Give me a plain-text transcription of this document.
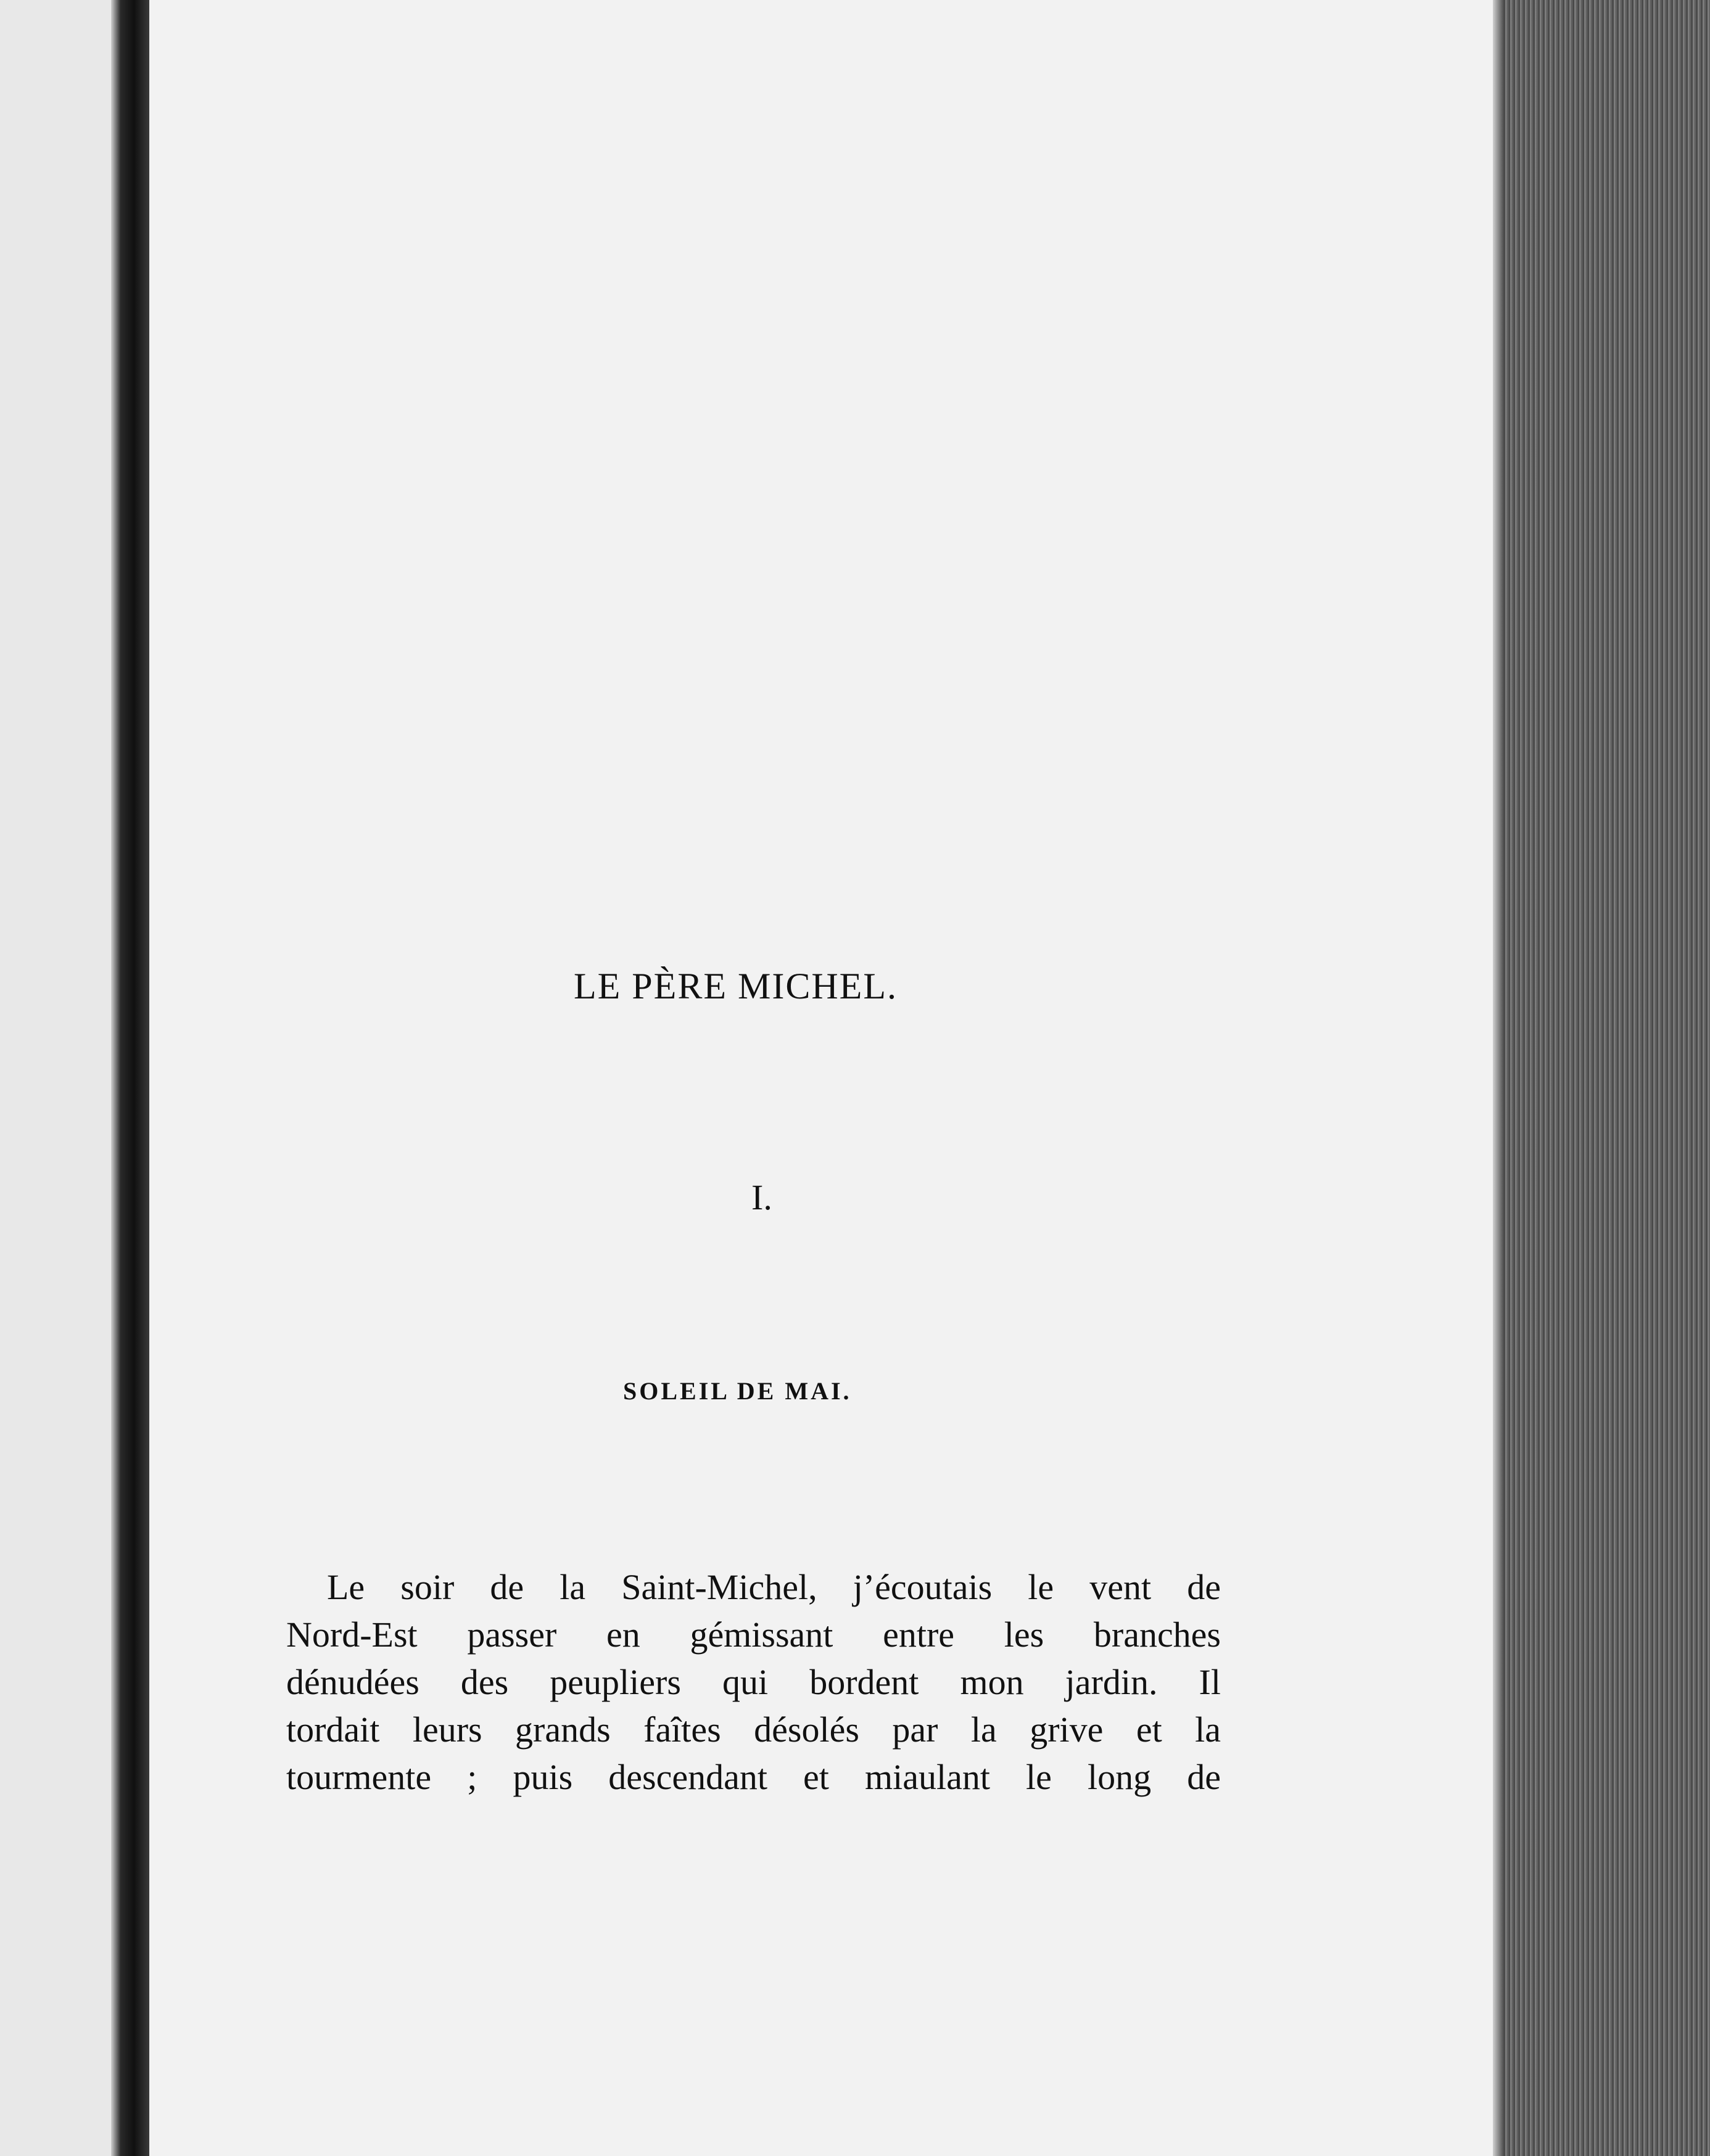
LE PÈRE MICHEL.
I.
SOLEIL DE MAI.
Le soir de la Saint-Michel, j’écoutais le vent de
Nord-Est passer en gémissant entre les branches
dénudées des peupliers qui bordent mon jardin. Il
tordait leurs grands faîtes désolés par la grive et la
tourmente ; puis descendant et miaulant le long de
